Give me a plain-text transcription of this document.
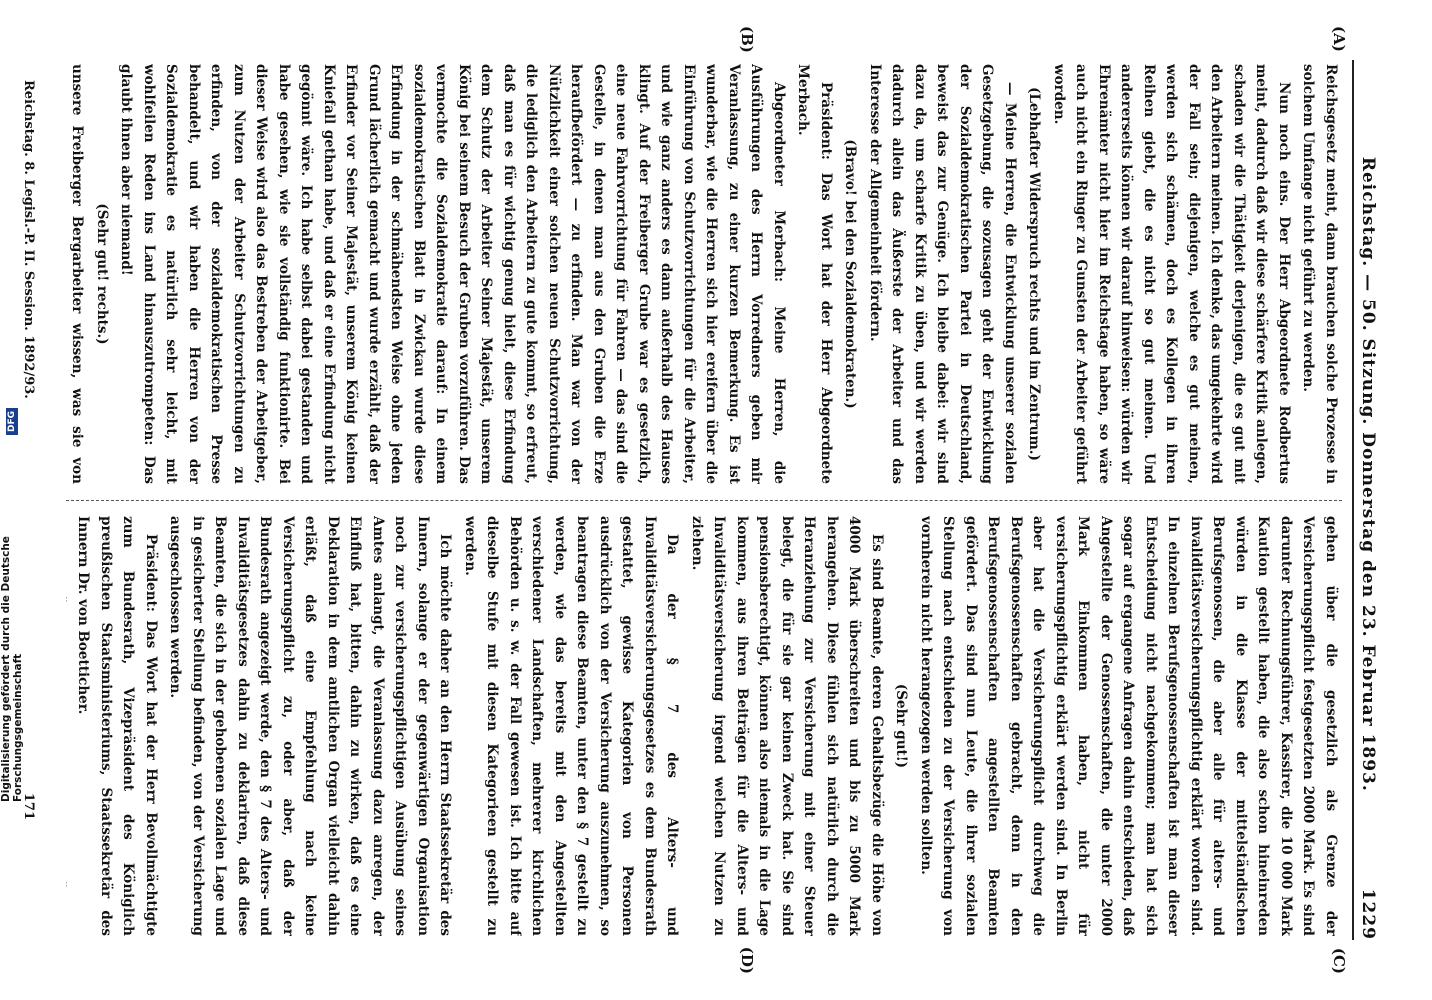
Reichstag. — 50. Sitzung. Donnerstag den 23. Februar 1893.
1229
(A)
(B)
(C)
(D)

Reichsgesetz meint, dann brauchen solche Prozesse in solchem Umfange nicht geführt zu werden.

Nun noch eins. Der Herr Abgeordnete Rodbertus meint, dadurch daß wir diese schärfere Kritik anlegen, schaden wir die Thätigkeit derjenigen, die es gut mit den Arbeitern meinen. Ich denke, das umgekehrte wird der Fall sein; diejenigen, welche es gut meinen, werden sich schämen, doch es Kollegen in ihren Reihen giebt, die es nicht so gut meinen. Und andererseits können wir darauf hinweisen: würden wir Ehrenämter nicht hier im Reichstage haben, so wäre auch nicht ein Ringer zu Gunsten der Arbeiter geführt worden.

(Lebhafter Widerspruch rechts und im Zentrum.)

— Meine Herren, die Entwicklung unserer sozialen Gesetzgebung, die sozusagen geht der Entwicklung der Sozialdemokratischen Partei in Deutschland, beweist das zur Genüge. Ich bleibe dabei: wir sind dazu da, um scharfe Kritik zu üben, und wir werden dadurch allein das Äußerste der Arbeiter und das Interesse der Allgemeinheit fördern.

(Bravo! bei den Sozialdemokraten.)

Präsident: Das Wort hat der Herr Abgeordnete Merbach.

Abgeordneter Merbach: Meine Herren, die Ausführungen des Herrn Vorredners geben mir Veranlassung, zu einer kurzen Bemerkung. Es ist wunderbar, wie die Herren sich hier ereifern über die Einführung von Schutzvorrichtungen für die Arbeiter, und wie ganz anders es dann außerhalb des Hauses klingt. Auf der Freiberger Grube war es gesetzlich, eine neue Fahrvorrichtung für Fahren — das sind die Gestelle, in denen man aus den Gruben die Erze heraufbefördert — zu erfinden. Man war von der Nützlichkeit einer solchen neuen Schutzvorrichtung, die lediglich den Arbeitern zu gute kommt, so erfreut, daß man es für wichtig genug hielt, diese Erfindung dem Schutz der Arbeiter Seiner Majestät, unserem König bei seinem Besuch der Gruben vorzuführen. Das vermochte die Sozialdemokratie darauf: In einem sozialdemokratischen Blatt in Zwickau wurde diese Erfindung in der schmähendsten Weise ohne jeden Grund lächerlich gemacht und wurde erzählt, daß der Erfinder vor Seiner Majestät, unserem König keinen Kniefall gethan habe, und daß er eine Erfindung nicht gegönnt wäre. Ich habe selbst dabei gestanden und habe gesehen, wie sie vollständig funktionirte. Bei dieser Weise wird also das Bestreben der Arbeitgeber, zum Nutzen der Arbeiter Schutzvorrichtungen zu erfinden, von der sozialdemokratischen Presse behandelt, und wir haben die Herren von der Sozialdemokratie es natürlich sehr leicht, mit wohlfeilen Reden ins Land hinauszutrompeten: Das glaubt ihnen aber niemand!

(Sehr gut! rechts.)

unsere Freiberger Bergarbeiter wissen, was sie von

gehen über die gesetzlich als Grenze der Versicherungspflicht festgesetzten 2000 Mark. Es sind darunter Rechnungsführer, Kassirer, die 10 000 Mark Kaution gestellt haben, die also schon hineinreden würden in die Klasse der mittelständischen Berufsgenossen, die aber alle für alters- und invaliditätsversicherungspflichtig erklärt worden sind. In einzelnen Berufsgenossenschaften ist man dieser Entscheidung nicht nachgekommen; man hat sich sogar auf ergangene Anfragen dahin entschieden, daß Angestellte der Genossenschaften, die unter 2000 Mark Einkommen haben, nicht für versicherungspflichtig erklärt werden sind. In Berlin aber hat die Versicherungspflicht durchweg die Berufsgenossenschaften gebracht, denn in den Berufsgenossenschaften angestellten Beamten gefördert. Das sind nun Leute, die ihrer sozialen Stellung nach entschieden zu der Versicherung von vornherein nicht herangezogen werden sollten.

(Sehr gut!)

Es sind Beamte, deren Gehaltsbezüge die Höhe von 4000 Mark überschreiten und bis zu 5000 Mark herangehen. Diese fühlen sich natürlich durch die Heranziehung zur Versicherung mit einer Steuer belegt, die für sie gar keinen Zweck hat. Sie sind pensionsberechtigt, können also niemals in die Lage kommen, aus ihren Beiträgen für die Alters- und Invaliditätsversicherung irgend welchen Nutzen zu ziehen.

Da der § 7 des Alters- und Invaliditätsversicherungsgesetzes es dem Bundesrath gestattet, gewisse Kategorien von Personen ausdrücklich von der Versicherung auszunehmen, so beantragen diese Beamten, unter den § 7 gestellt zu werden, wie das bereits mit den Angestellten verschiedener Landschaften, mehrerer kirchlichen Behörden u. s. w. der Fall gewesen ist. Ich bitte auf dieselbe Stufe mit diesen Kategorieen gestellt zu werden.

Ich möchte daher an den Herrn Staatssekretär des Innern, solange er der gegenwärtigen Organisation noch zur versicherungspflichtigen Ausübung seines Amtes anlangt, die Veranlassung dazu anregen, der Einfluß hat, bitten, dahin zu wirken, daß es eine Deklaration in dem amtlichen Organ vielleicht dahin erläßt, daß eine Empfehlung nach keine Versicherungspflicht zu, oder aber, daß der Bundesrath angezeigt werde, den § 7 des Alters- und Invaliditätsgesetzes dahin zu deklariren, daß diese Beamten, die sich in der gehobenen sozialen Lage und in gesicherter Stellung befinden, von der Versicherung ausgeschlossen werden.

Präsident: Das Wort hat der Herr Bevollmächtigte zum Bundesrath, Vizepräsident des Königlich preußischen Staatsministeriums, Staatssekretär des Innern Dr. von Boetticher.

Reichstag. 8. Legisl.-P. II. Session. 1892/93.
171
Digitalisierung gefördert durch die Deutsche Forschungsgemeinschaft
DFG
